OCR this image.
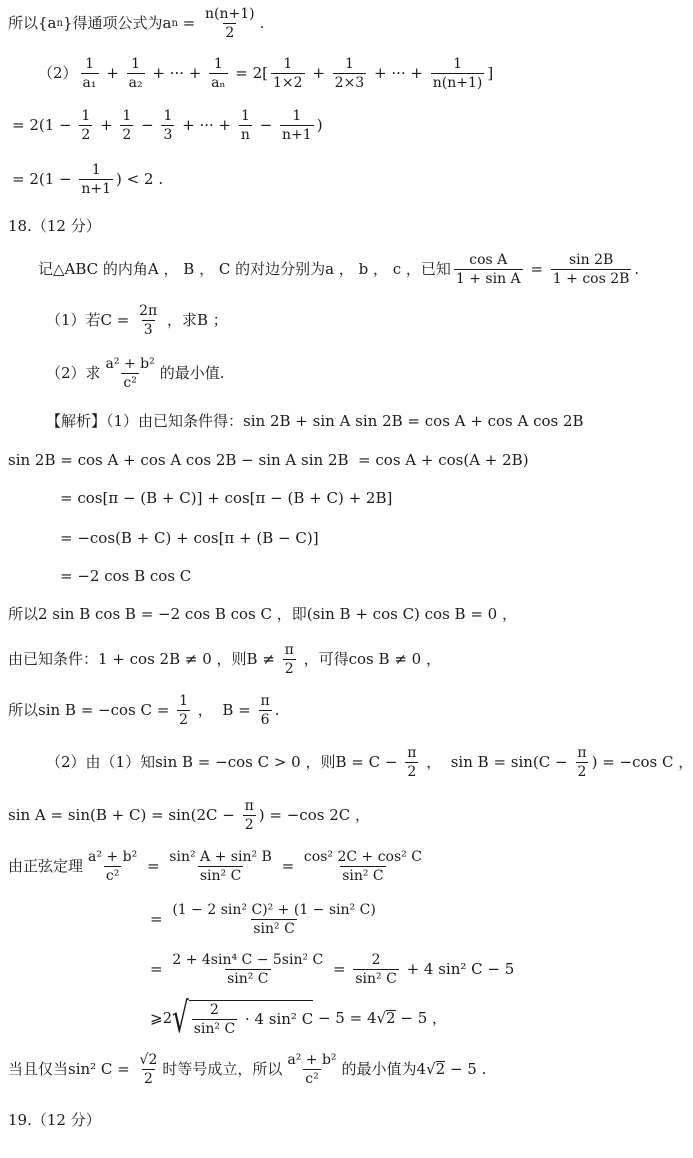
所以{a n }得通项公式为a $n = \frac{n(n+1)}{2}$ .
$(2) \frac{1}{\text{a₁}} + \frac{1}{\text{a₂}}$ + ··· + $\frac{1}{\text{aₙ}} = 2[ \frac{1}{1\times 2} + \frac{1}{2\times 3}$ + ··· + $\frac{1}{n(n+1)}$ ]
= $2(1 - \frac{1}{2} + \frac{1}{2} - \frac{1}{3}$ + ··· + $\frac{1}{n} - \frac{1}{n+1}$ )
= $2(1 - \frac{1}{n+1}$ ) < 2 .
18.（12 分）
记△ABC 的内角A ， B ， C 的对边分别为a ， b ， c ，已知 $\frac{\text{cos A}}{\text{1 + sin A}} = \frac{\sin 2B}{1 + \cos 2B}$ .
（1）若$C = \frac{2\pi}{3}$ ，求B ；
（2）求 $\frac{\text{a² + b²}}{\text{c²}}$ 的最小值.
【解析】（1）由已知条件得：sin 2B + sin A sin 2B = cos A + cos A cos 2B
sin 2B = cos A + cos A cos 2B − sin A sin 2B  = cos A + cos(A + 2B)
= cos[π − (B + C)] + cos[π − (B + C) + 2B]
= −cos(B + C) + cos[π + (B − C)]
= −2 cos B cos C
所以2 sin B cos B = −2 cos B cos C ，即(sin B + cos C) cos B = 0 ，
由已知条件：1 + cos 2B ≠ 0 ，则$B \ne \frac{\pi}{2}$ ，可得cos B ≠ 0 ，
所以sin B = −cos $C = \frac{1}{2}$ ，  $B = \frac{\pi}{6}$ .
（2）由（1）知sin B = −cos C > 0 ，则$B = C - \frac{\pi}{2}$ ，  $\sin B = \sin(C - \frac{\pi}{2}$ ) = −cos C ，
$\sin A = \sin(B + C) = \sin(2C - \frac{\pi}{2}$ ) = −cos 2C ，
由正弦定理 $\frac{\text{a² + b²}}{\text{c²}} = \frac{\text{sin² A + sin² B}}{\text{sin² C}} = \frac{\text{cos² 2C + cos² C}}{\text{sin² C}}$
= $\frac{\text{(1 − 2 sin² C)² + (1 − sin² C)}}{\text{sin² C}}$
= $\frac{\text{2 + 4sin⁴ C − 5sin² C}}{\text{sin² C}} = \frac{2}{\text{sin² C}} + 4$ sin² C − 5
⩾2 √ $\frac{2}{\text{sin² C}} \cdot 4$ sin² C − 5 = 4 √ 2 − 5 ，
当且仅当sin² $C = \frac{√2}{2}$ 时等号成立，所以 $\frac{\text{a² + b²}}{\text{c²}}$ 的最小值为4 √ 2 − 5 .
19.（12 分）
